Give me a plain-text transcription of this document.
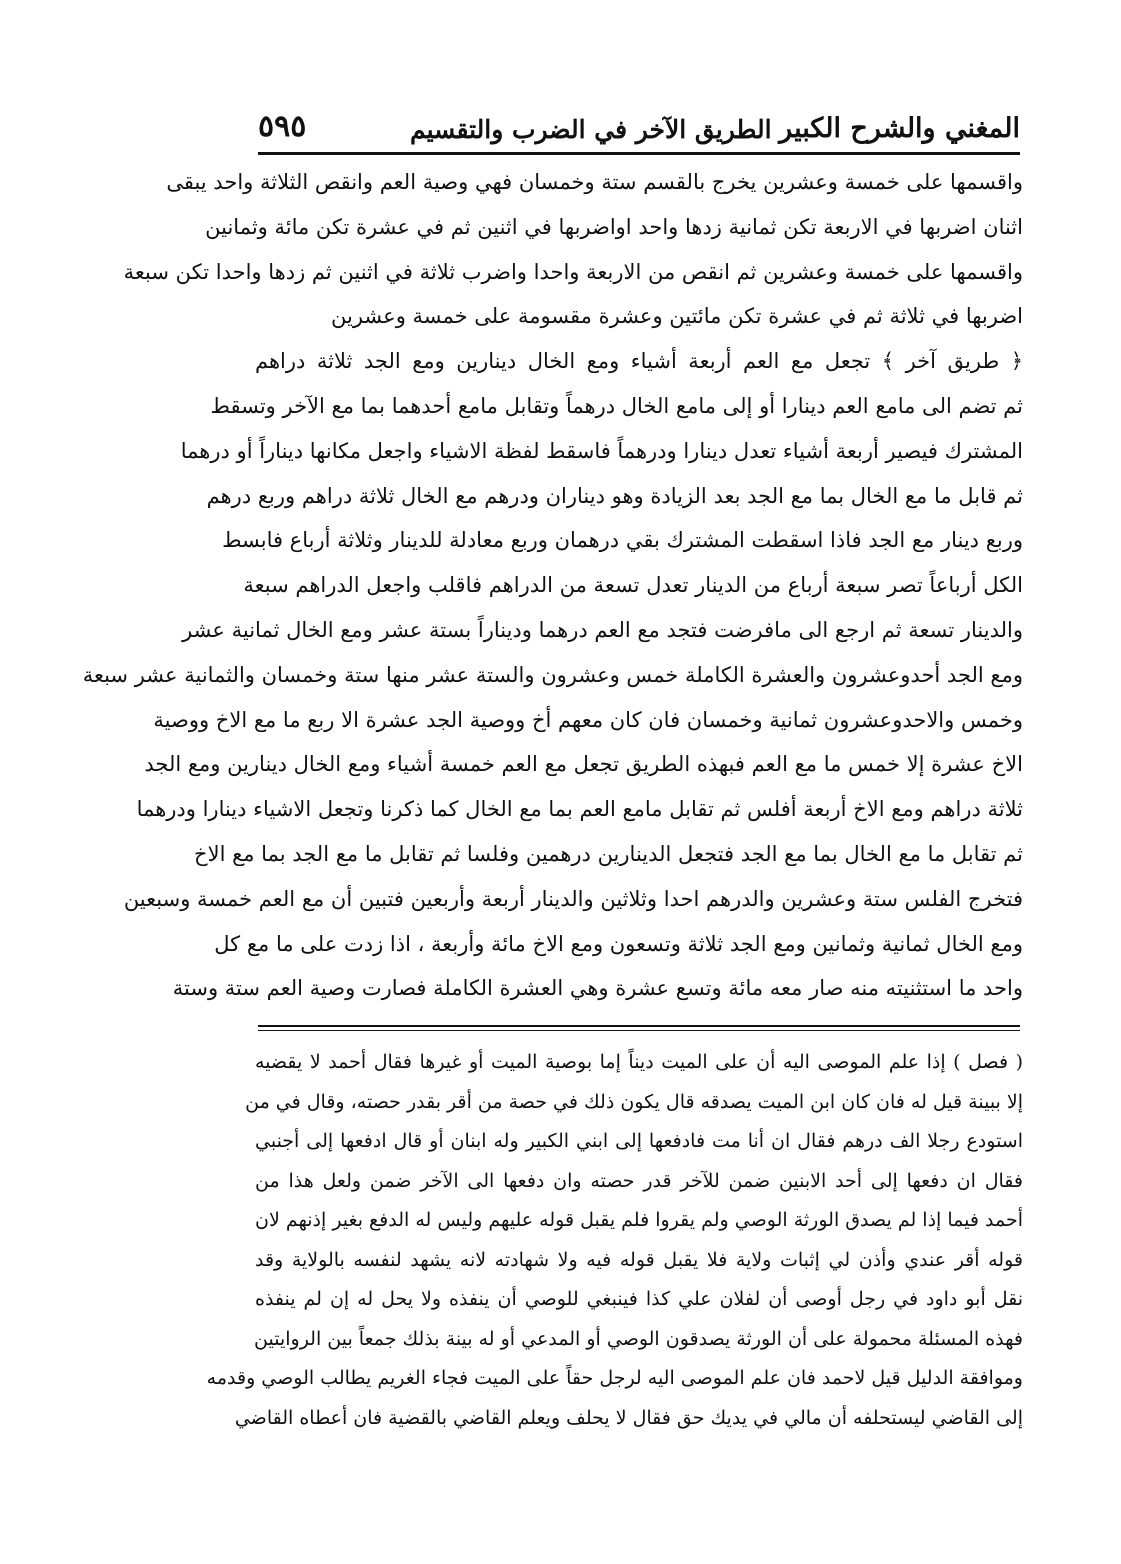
المغني والشرح الكبير
الطريق الآخر في الضرب والتقسيم
٥٩٥
واقسمها على خمسة وعشرين يخرج بالقسم ستة وخمسان فهي وصية العم وانقص الثلاثة واحد يبقى
اثنان اضربها في الاربعة تكن ثمانية زدها واحد اواضربها في اثنين ثم في عشرة تكن مائة وثمانين
واقسمها على خمسة وعشرين ثم انقص من الاربعة واحدا واضرب ثلاثة في اثنين ثم زدها واحدا تكن سبعة
اضربها في ثلاثة ثم في عشرة تكن مائتين وعشرة مقسومة على خمسة وعشرين
﴿ طريق آخر ﴾ تجعل مع العم أربعة أشياء ومع الخال دينارين ومع الجد ثلاثة دراهم
ثم تضم الى مامع العم دينارا أو إلى مامع الخال درهماً وتقابل مامع أحدهما بما مع الآخر وتسقط
المشترك فيصير أربعة أشياء تعدل دينارا ودرهماً فاسقط لفظة الاشياء واجعل مكانها ديناراً أو درهما
ثم قابل ما مع الخال بما مع الجد بعد الزيادة وهو ديناران ودرهم مع الخال ثلاثة دراهم وربع درهم
وربع دينار مع الجد فاذا اسقطت المشترك بقي درهمان وربع معادلة للدينار وثلاثة أرباع فابسط
الكل أرباعاً تصر سبعة أرباع من الدينار تعدل تسعة من الدراهم فاقلب واجعل الدراهم سبعة
والدينار تسعة ثم ارجع الى مافرضت فتجد مع العم درهما وديناراً بستة عشر ومع الخال ثمانية عشر
ومع الجد أحدوعشرون والعشرة الكاملة خمس وعشرون والستة عشر منها ستة وخمسان والثمانية عشر سبعة
وخمس والاحدوعشرون ثمانية وخمسان فان كان معهم أخ ووصية الجد عشرة الا ربع ما مع الاخ ووصية
الاخ عشرة إلا خمس ما مع العم فبهذه الطريق تجعل مع العم خمسة أشياء ومع الخال دينارين ومع الجد
ثلاثة دراهم ومع الاخ أربعة أفلس ثم تقابل مامع العم بما مع الخال كما ذكرنا وتجعل الاشياء دينارا ودرهما
ثم تقابل ما مع الخال بما مع الجد فتجعل الدينارين درهمين وفلسا ثم تقابل ما مع الجد بما مع الاخ
فتخرج الفلس ستة وعشرين والدرهم احدا وثلاثين والدينار أربعة وأربعين فتبين أن مع العم خمسة وسبعين
ومع الخال ثمانية وثمانين ومع الجد ثلاثة وتسعون ومع الاخ مائة وأربعة ، اذا زدت على ما مع كل
واحد ما استثنيته منه صار معه مائة وتسع عشرة وهي العشرة الكاملة فصارت وصية العم ستة وستة
( فصل ) إذا علم الموصى اليه أن على الميت ديناً إما بوصية الميت أو غيرها فقال أحمد لا يقضيه
إلا ببينة قيل له فان كان ابن الميت يصدقه قال يكون ذلك في حصة من أقر بقدر حصته، وقال في من
استودع رجلا الف درهم فقال ان أنا مت فادفعها إلى ابني الكبير وله ابنان أو قال ادفعها إلى أجنبي
فقال ان دفعها إلى أحد الابنين ضمن للآخر قدر حصته وان دفعها الى الآخر ضمن ولعل هذا من
أحمد فيما إذا لم يصدق الورثة الوصي ولم يقروا فلم يقبل قوله عليهم وليس له الدفع بغير إذنهم لان
قوله أقر عندي وأذن لي إثبات ولاية فلا يقبل قوله فيه ولا شهادته لانه يشهد لنفسه بالولاية وقد
نقل أبو داود في رجل أوصى أن لفلان علي كذا فينبغي للوصي أن ينفذه ولا يحل له إن لم ينفذه
فهذه المسئلة محمولة على أن الورثة يصدقون الوصي أو المدعي أو له بينة بذلك جمعاً بين الروايتين
وموافقة الدليل قيل لاحمد فان علم الموصى اليه لرجل حقاً على الميت فجاء الغريم يطالب الوصي وقدمه
إلى القاضي ليستحلفه أن مالي في يديك حق فقال لا يحلف ويعلم القاضي بالقضية فان أعطاه القاضي
